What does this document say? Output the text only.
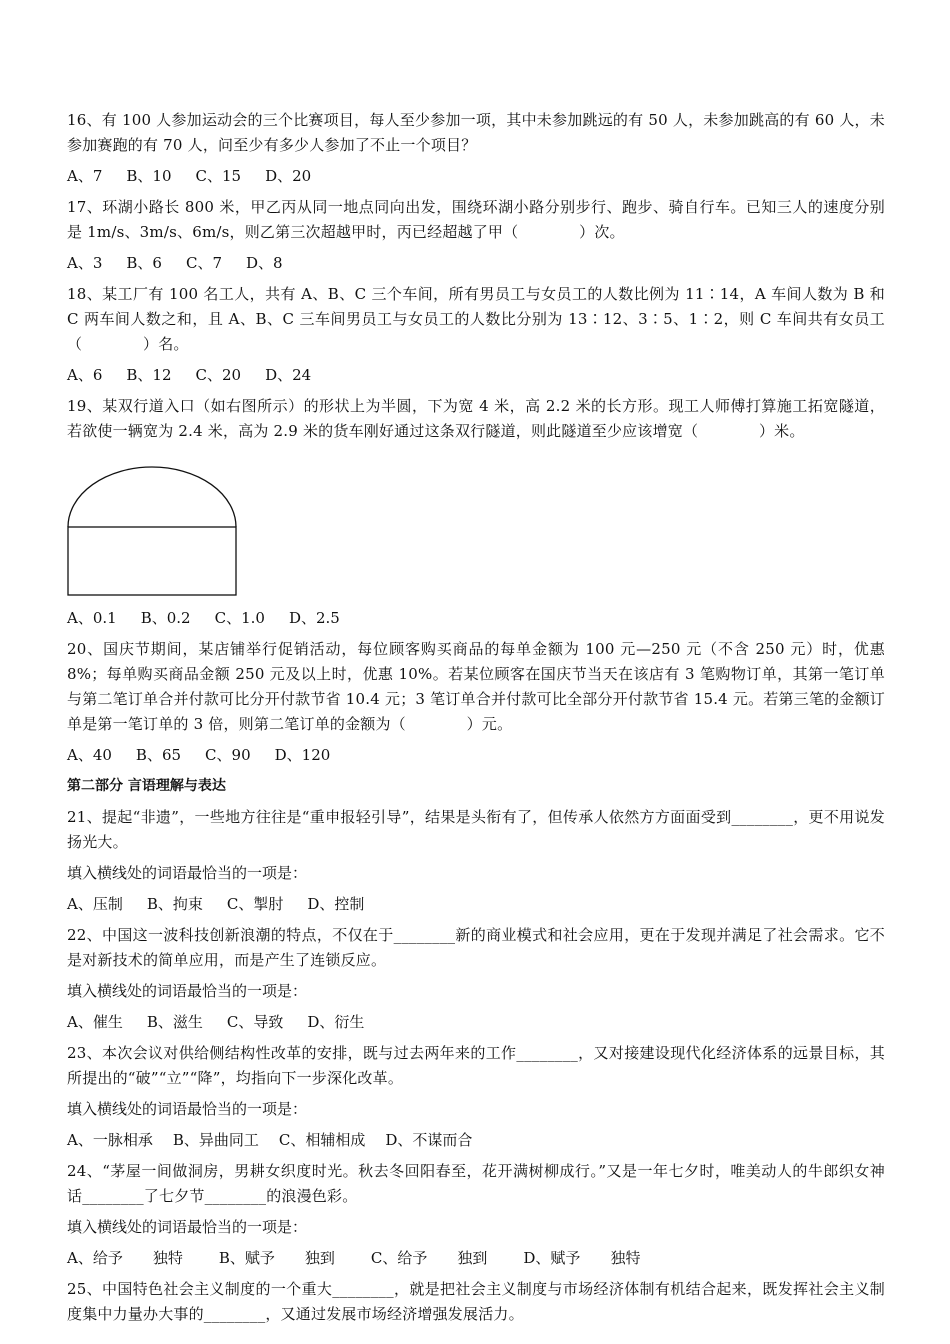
16、有 100 人参加运动会的三个比赛项目，每人至少参加一项，其中未参加跳远的有 50 人，未参加跳高的有 60 人，未参加赛跑的有 70 人，问至少有多少人参加了不止一个项目？

A、7 B、10 C、15 D、20

17、环湖小路长 800 米，甲乙丙从同一地点同向出发，围绕环湖小路分别步行、跑步、骑自行车。已知三人的速度分别是 1m/s、3m/s、6m/s，则乙第三次超越甲时，丙已经超越了甲（　　　　）次。

A、3 B、6 C、7 D、8

18、某工厂有 100 名工人，共有 A、B、C 三个车间，所有男员工与女员工的人数比例为 11∶14，A 车间人数为 B 和 C 两车间人数之和，且 A、B、C 三车间男员工与女员工的人数比分别为 13∶12、3∶5、1∶2，则 C 车间共有女员工（　　　　）名。

A、6 B、12 C、20 D、24

19、某双行道入口（如右图所示）的形状上为半圆，下为宽 4 米，高 2.2 米的长方形。现工人师傅打算施工拓宽隧道，若欲使一辆宽为 2.4 米，高为 2.9 米的货车刚好通过这条双行隧道，则此隧道至少应该增宽（　　　　）米。

A、0.1 B、0.2 C、1.0 D、2.5

20、国庆节期间，某店铺举行促销活动，每位顾客购买商品的每单金额为 100 元—250 元（不含 250 元）时，优惠 8%；每单购买商品金额 250 元及以上时，优惠 10%。若某位顾客在国庆节当天在该店有 3 笔购物订单，其第一笔订单与第二笔订单合并付款可比分开付款节省 10.4 元；3 笔订单合并付款可比全部分开付款节省 15.4 元。若第三笔的金额订单是第一笔订单的 3 倍，则第二笔订单的金额为（　　　　）元。

A、40 B、65 C、90 D、120
第二部分 言语理解与表达

21、提起“非遗”，一些地方往往是“重申报轻引导”，结果是头衔有了，但传承人依然方方面面受到________，更不用说发扬光大。

填入横线处的词语最恰当的一项是：
A、压制 B、拘束 C、掣肘 D、控制

22、中国这一波科技创新浪潮的特点，不仅在于________新的商业模式和社会应用，更在于发现并满足了社会需求。它不是对新技术的简单应用，而是产生了连锁反应。

填入横线处的词语最恰当的一项是：
A、催生 B、滋生 C、导致 D、衍生

23、本次会议对供给侧结构性改革的安排，既与过去两年来的工作________，又对接建设现代化经济体系的远景目标，其所提出的“破”“立”“降”，均指向下一步深化改革。

填入横线处的词语最恰当的一项是：
A、一脉相承 B、异曲同工 C、相辅相成 D、不谋而合

24、“茅屋一间做洞房，男耕女织度时光。秋去冬回阳春至，花开满树柳成行。”又是一年七夕时，唯美动人的牛郎织女神话________了七夕节________的浪漫色彩。

填入横线处的词语最恰当的一项是：
A、给予 独特 B、赋予 独到 C、给予 独到 D、赋予 独特

25、中国特色社会主义制度的一个重大________，就是把社会主义制度与市场经济体制有机结合起来，既发挥社会主义制度集中力量办大事的________，又通过发展市场经济增强发展活力。
